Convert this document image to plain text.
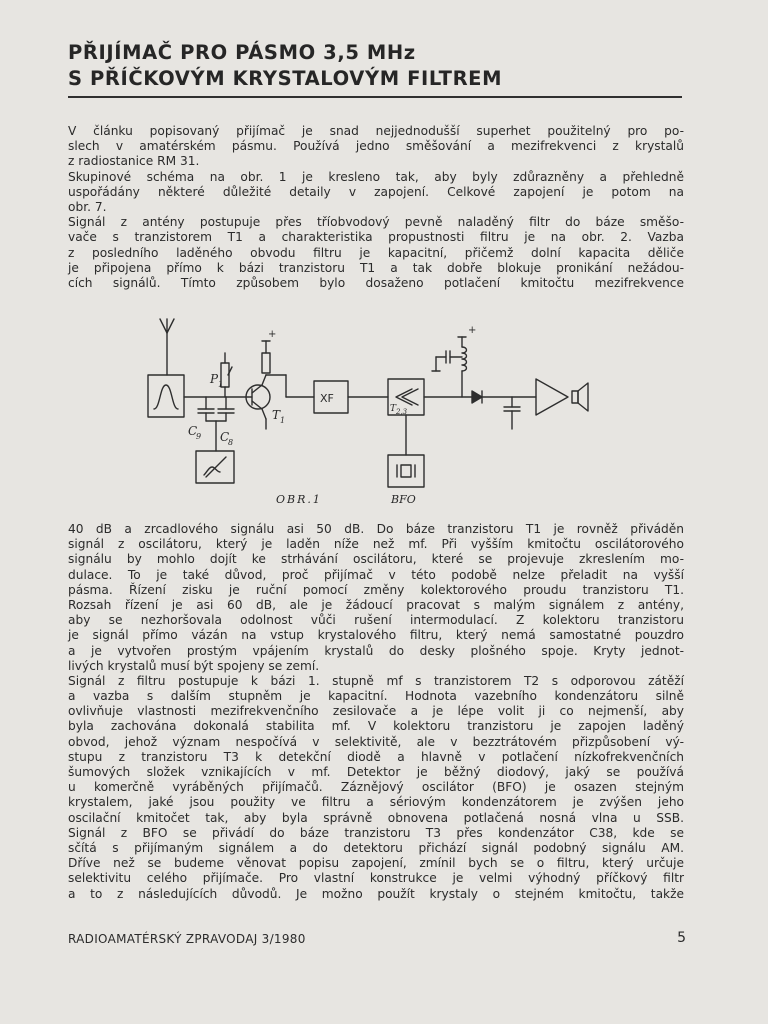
PŘIJÍMAČ PRO PÁSMO 3,5 MHz
S PŘÍČKOVÝM KRYSTALOVÝM FILTREM
V článku popisovaný přijímač je snad nejjednodušší superhet použitelný pro po-
slech v amatérském pásmu. Používá jedno směšování a mezifrekvenci z krystalů
z radiostanice RM 31.
Skupinové schéma na obr. 1 je kresleno tak, aby byly zdůrazněny a přehledně
uspořádány některé důležité detaily v zapojení. Celkové zapojení je potom na
obr. 7.
Signál z antény postupuje přes tříobvodový pevně naladěný filtr do báze směšo-
vače s tranzistorem T1 a charakteristika propustnosti filtru je na obr. 2. Vazba
z posledního laděného obvodu filtru je kapacitní, přičemž dolní kapacita děliče
je připojena přímo k bázi tranzistoru T1 a tak dobře blokuje pronikání nežádou-
cích signálů. Tímto způsobem bylo dosaženo potlačení kmitočtu mezifrekvence
P 1
T 1
C
9 C
8
XF
T 2,3
+	+
OBR.1	BFO
40 dB a zrcadlového signálu asi 50 dB. Do báze tranzistoru T1 je rovněž přiváděn
signál z oscilátoru, který je laděn níže než mf. Při vyšším kmitočtu oscilátorového
signálu by mohlo dojít ke strhávání oscilátoru, které se projevuje zkreslením mo-
dulace. To je také důvod, proč přijímač v této podobě nelze přeladit na vyšší
pásma. Řízení zisku je ruční pomocí změny kolektorového proudu tranzistoru T1.
Rozsah řízení je asi 60 dB, ale je žádoucí pracovat s malým signálem z antény,
aby se nezhoršovala odolnost vůči rušení intermodulací. Z kolektoru tranzistoru
je signál přímo vázán na vstup krystalového filtru, který nemá samostatné pouzdro
a je vytvořen prostým vpájením krystalů do desky plošného spoje. Kryty jednot-
livých krystalů musí být spojeny se zemí.
Signál z filtru postupuje k bázi 1. stupně mf s tranzistorem T2 s odporovou zátěží
a vazba s dalším stupněm je kapacitní. Hodnota vazebního kondenzátoru silně
ovlivňuje vlastnosti mezifrekvenčního zesilovače a je lépe volit ji co nejmenší, aby
byla zachována dokonalá stabilita mf. V kolektoru tranzistoru je zapojen laděný
obvod, jehož význam nespočívá v selektivitě, ale v bezztrátovém přizpůsobení vý-
stupu z tranzistoru T3 k detekční diodě a hlavně v potlačení nízkofrekvenčních
šumových složek vznikajících v mf. Detektor je běžný diodový, jaký se používá
u komerčně vyráběných přijímačů. Záznějový oscilátor (BFO) je osazen stejným
krystalem, jaké jsou použity ve filtru a sériovým kondenzátorem je zvýšen jeho
oscilační kmitočet tak, aby byla správně obnovena potlačená nosná vlna u SSB.
Signál z BFO se přivádí do báze tranzistoru T3 přes kondenzátor C38, kde se
sčítá s přijímaným signálem a do detektoru přichází signál podobný signálu AM.
Dříve než se budeme věnovat popisu zapojení, zmínil bych se o filtru, který určuje
selektivitu celého přijímače. Pro vlastní konstrukce je velmi výhodný příčkový filtr
a to z následujících důvodů. Je možno použít krystaly o stejném kmitočtu, takže
RADIOAMATÉRSKÝ ZPRAVODAJ 3/1980	5
